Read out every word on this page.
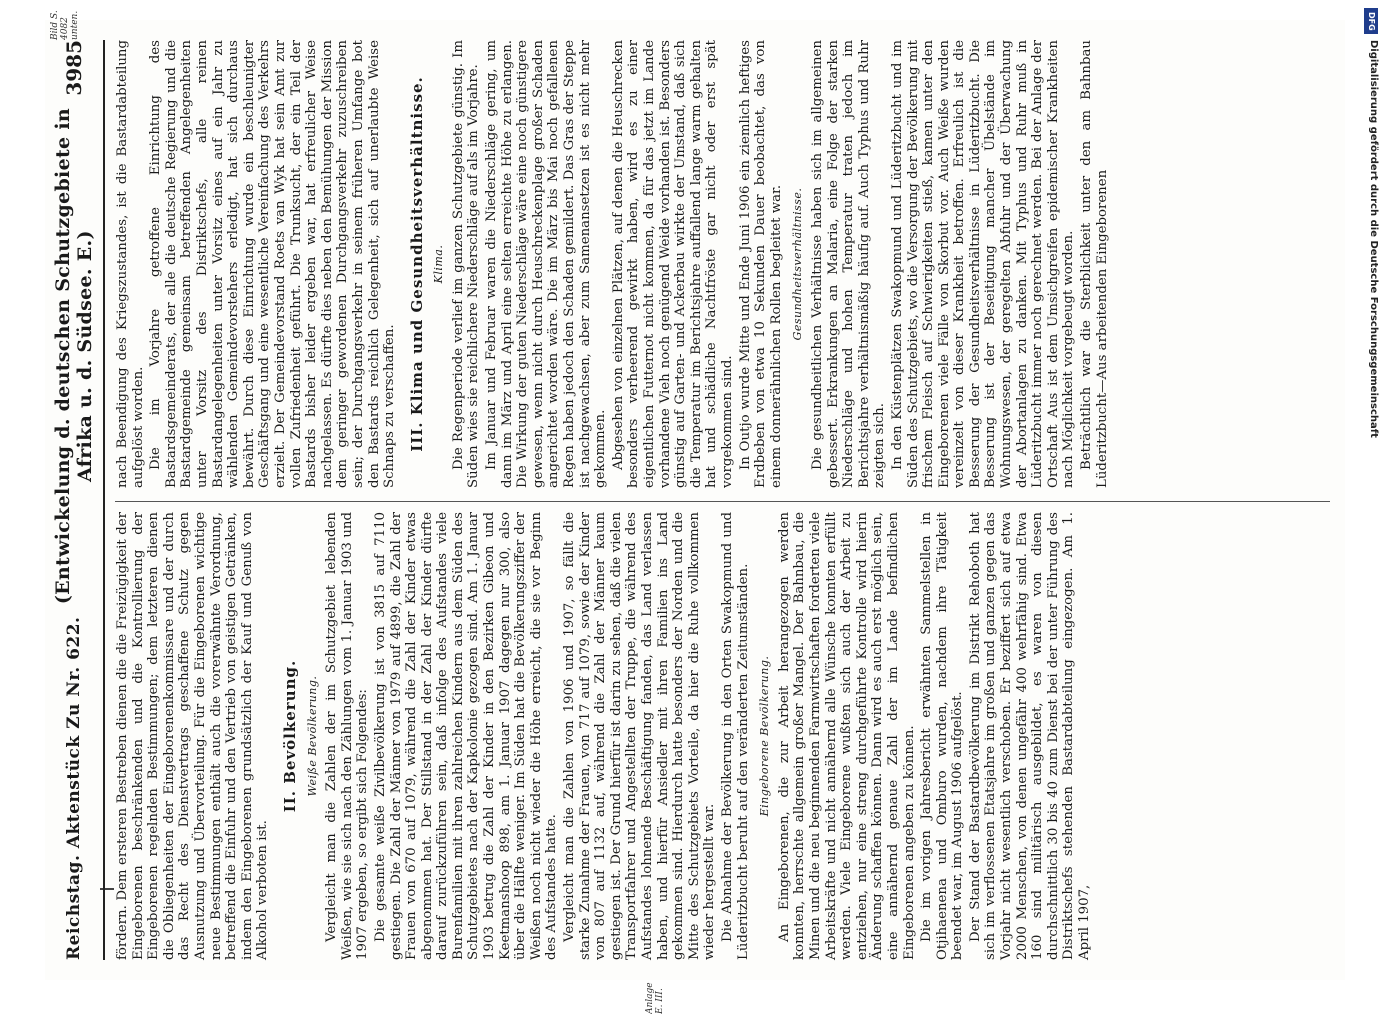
Reichstag. Aktenstück Zu Nr. 622.
(Entwickelung d. deutschen Schutzgebiete in Afrika u. d. Südsee. E.)
3985

fördern. Dem ersteren Bestreben dienen die die Freizügigkeit der Eingeborenen beschränkenden und die Kontrollierung der Eingeborenen regelnden Bestimmungen; dem letzteren dienen die Obliegenheiten der Eingeborenenkommissare und der durch das Recht des Dienstvertrags geschaffene Schutz gegen Ausnutzung und Übervorteilung. Für die Eingeborenen wichtige neue Bestimmungen enthält auch die vorerwähnte Verordnung, betreffend die Einfuhr und den Vertrieb von geistigen Getränken, indem den Eingeborenen grundsätzlich der Kauf und Genuß von Alkohol verboten ist.

II. Bevölkerung. Weiße Bevölkerung. Vergleicht man die Zahlen der im Schutzgebiet lebenden Weißen, wie sie sich nach den Zählungen vom 1. Januar 1903 und 1907 ergeben, so ergibt sich Folgendes: Die gesamte weiße Zivilbevölkerung ist von 3815 auf 7110 gestiegen. Die Zahl der Männer von 1979 auf 4899, die Zahl der Frauen von 670 auf 1079, während die Zahl der Kinder etwas abgenommen hat. Der Stillstand in der Zahl der Kinder dürfte darauf zurückzuführen sein, daß infolge des Aufstandes viele Burenfamilien mit ihren zahlreichen Kindern aus dem Süden des Schutzgebietes nach der Kapkolonie gezogen sind. Am 1. Januar 1903 betrug die Zahl der Kinder in den Bezirken Gibeon und Keetmanshoop 898, am 1. Januar 1907 dagegen nur 300, also über die Hälfte weniger. Im Süden hat die Bevölkerungsziffer der Weißen noch nicht wieder die Höhe erreicht, die sie vor Beginn des Aufstandes hatte. Vergleicht man die Zahlen von 1906 und 1907, so fällt die starke Zunahme der Frauen, von 717 auf 1079, sowie der Kinder von 807 auf 1132 auf, während die Zahl der Männer kaum gestiegen ist. Der Grund hierfür ist darin zu sehen, daß die vielen Transportfahrer und Angestellten der Truppe, die während des Aufstandes lohnende Beschäftigung fanden, das Land verlassen haben, und hierfür Ansiedler mit ihren Familien ins Land gekommen sind. Hierdurch hatte besonders der Norden und die Mitte des Schutzgebiets Vorteile, da hier die Ruhe vollkommen wieder hergestellt war. Die Abnahme der Bevölkerung in den Orten Swakopmund und Lüderitzbucht beruht auf den veränderten Zeitumständen. Eingeborene Bevölkerung. An Eingeborenen, die zur Arbeit herangezogen werden konnten, herrschte allgemein großer Mangel. Der Bahnbau, die Minen und die neu beginnenden Farmwirtschaften forderten viele Arbeitskräfte und nicht annähernd alle Wünsche konnten erfüllt werden. Viele Eingeborene wußten sich auch der Arbeit zu entziehen, nur eine streng durchgeführte Kontrolle wird hierin Änderung schaffen können. Dann wird es auch erst möglich sein, eine annähernd genaue Zahl der im Lande befindlichen Eingeborenen angeben zu können. Die im vorigen Jahresbericht erwähnten Sammelstellen in Otjihaenena und Omburo wurden, nachdem ihre Tätigkeit beendet war, im August 1906 aufgelöst. Der Stand der Bastardbevölkerung im Distrikt Rehoboth hat sich im verflossenen Etatsjahre im großen und ganzen gegen das Vorjahr nicht wesentlich verschoben. Er beziffert sich auf etwa 2000 Menschen, von denen ungefähr 400 wehrfähig sind. Etwa 160 sind militärisch ausgebildet, es waren von diesen durchschnittlich 30 bis 40 zum Dienst bei der unter Führung des Distriktschefs stehenden Bastardabteilung eingezogen. Am 1. April 1907,

nach Beendigung des Kriegszustandes, ist die Bastardabteilung aufgelöst worden. Die im Vorjahre getroffene Einrichtung des Bastardsgemeinderats, der alle die deutsche Regierung und die Bastardgemeinde gemeinsam betreffenden Angelegenheiten unter Vorsitz des Distriktschefs, alle reinen Bastardangelegenheiten unter Vorsitz eines auf ein Jahr zu wählenden Gemeindevorstehers erledigt, hat sich durchaus bewährt. Durch diese Einrichtung wurde ein beschleunigter Geschäftsgang und eine wesentliche Vereinfachung des Verkehrs erzielt. Der Gemeindevorstand Roets van Wyk hat sein Amt zur vollen Zufriedenheit geführt. Die Trunksucht, der ein Teil der Bastards bisher leider ergeben war, hat erfreulicher Weise nachgelassen. Es dürfte dies neben den Bemühungen der Mission dem geringer gewordenen Durchgangsverkehr zuzuschreiben sein; der Durchgangsverkehr in seinem früheren Umfange bot den Bastards reichlich Gelegenheit, sich auf unerlaubte Weise Schnaps zu verschaffen. III. Klima und Gesundheitsverhältnisse. Klima. Die Regenperiode verlief im ganzen Schutzgebiete günstig. Im Süden wies sie reichlichere Niederschläge auf als im Vorjahre. Im Januar und Februar waren die Niederschläge gering, um dann im März und April eine selten erreichte Höhe zu erlangen. Die Wirkung der guten Niederschläge wäre eine noch günstigere gewesen, wenn nicht durch Heuschreckenplage großer Schaden angerichtet worden wäre. Die im März bis Mai noch gefallenen Regen haben jedoch den Schaden gemildert. Das Gras der Steppe ist nachgewachsen, aber zum Samenansetzen ist es nicht mehr gekommen. Abgesehen von einzelnen Plätzen, auf denen die Heuschrecken besonders verheerend gewirkt haben, wird es zu einer eigentlichen Futternot nicht kommen, da für das jetzt im Lande vorhandene Vieh noch genügend Weide vorhanden ist. Besonders günstig auf Garten- und Ackerbau wirkte der Umstand, daß sich die Temperatur im Berichtsjahre auffallend lange warm gehalten hat und schädliche Nachtfröste gar nicht oder erst spät vorgekommen sind. In Outjo wurde Mitte und Ende Juni 1906 ein ziemlich heftiges Erdbeben von etwa 10 Sekunden Dauer beobachtet, das von einem donnerähnlichen Rollen begleitet war. Gesundheitsverhältnisse. Die gesundheitlichen Verhältnisse haben sich im allgemeinen gebessert. Erkrankungen an Malaria, eine Folge der starken Niederschläge und hohen Temperatur traten jedoch im Berichtsjahre verhältnismäßig häufig auf. Auch Typhus und Ruhr zeigten sich. In den Küstenplätzen Swakopmund und Lüderitzbucht und im Süden des Schutzgebiets, wo die Versorgung der Bevölkerung mit frischem Fleisch auf Schwierigkeiten stieß, kamen unter den Eingeborenen viele Fälle von Skorbut vor. Auch Weiße wurden vereinzelt von dieser Krankheit betroffen. Erfreulich ist die Besserung der Gesundheitsverhältnisse in Lüderitzbucht. Die Besserung ist der Beseitigung mancher Übelstände im Wohnungswesen, der geregelten Abfuhr und der Überwachung der Abortanlagen zu danken. Mit Typhus und Ruhr muß in Lüderitzbucht immer noch gerechnet werden. Bei der Anlage der Ortschaft Aus ist dem Umsichgreifen epidemischer Krankheiten nach Möglichkeit vorgebeugt worden. Beträchtlich war die Sterblichkeit unter den am Bahnbau Lüderitzbucht—Aus arbeitenden Eingeborenen

Anlage E. III.
Bild S. 4082 unten.	DFG
Digitalisierung gefördert durch die Deutsche Forschungsgemeinschaft
